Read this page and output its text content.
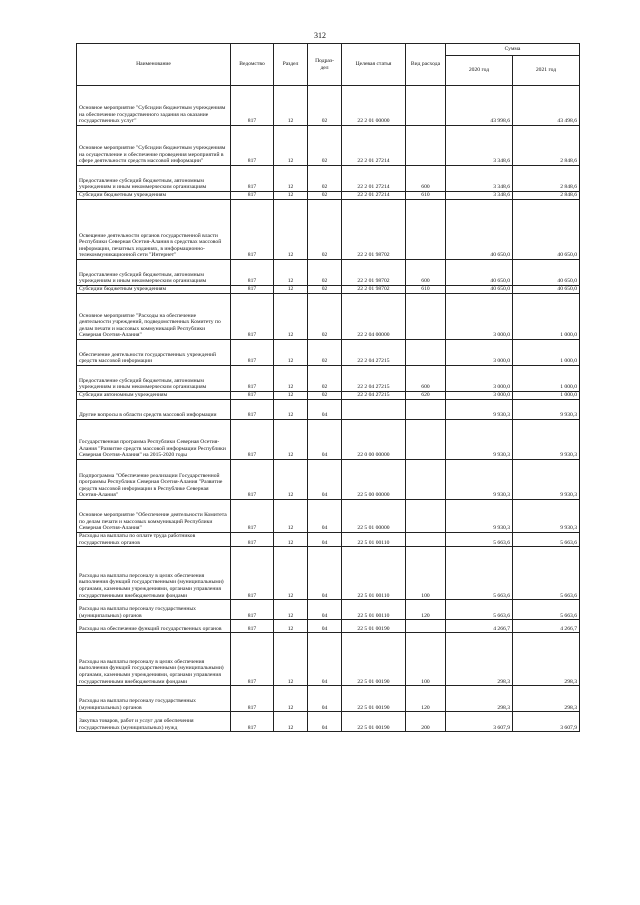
312
Наименование	Ведомство	Раздел	Подраз-
дел	Целевая статья	Вид расхода	Сумма	
						2020 год	2021 год
Основное мероприятие "Субсидии бюджетным учреждениям на обеспечение государственного задания на оказание государственных услуг"	817	12	02	22 2 01 00000		43 998,6	43 498,6
Основное мероприятие "Субсидии бюджетным учреждениям на осуществление и обеспечение проведения мероприятий в сфере деятельности средств массовой информации"	817	12	02	22 2 01 27214		3 348,6	2 848,6
Предоставление субсидий бюджетным, автономным учреждениям и иным некоммерческим организациям	817	12	02	22 2 01 27214	600	3 348,6	2 848,6
Субсидии бюджетным учреждениям	817	12	02	22 2 01 27214	610	3 348,6	2 848,6
Освещение деятельности органов государственной власти Республики Северная Осетия-Алания в средствах массовой информации, печатных изданиях, в информационно-телекоммуникационной сети "Интернет"	817	12	02	22 2 01 98702		40 650,0	40 650,0
Предоставление субсидий бюджетным, автономным учреждениям и иным некоммерческим организациям	817	12	02	22 2 01 98702	600	40 650,0	40 650,0
Субсидии бюджетным учреждениям	817	12	02	22 2 01 98702	610	40 650,0	40 650,0
Основное мероприятие "Расходы на обеспечение деятельности учреждений, подведомственных Комитету по делам печати и массовых коммуникаций Республики Северная Осетия-Алания"	817	12	02	22 2 04 00000		3 000,0	1 000,0
Обеспечение деятельности государственных учреждений средств массовой информации	817	12	02	22 2 04 27215		3 000,0	1 000,0
Предоставление субсидий бюджетным, автономным учреждениям и иным некоммерческим организациям	817	12	02	22 2 04 27215	600	3 000,0	1 000,0
Субсидии автономным учреждениям	817	12	02	22 2 04 27215	620	3 000,0	1 000,0
Другие вопросы в области средств массовой информации	817	12	04			9 930,3	9 930,3
Государственная программа Республики Северная Осетия-Алания "Развитие средств массовой информации Республики Северная Осетия-Алания" на 2015-2020 годы	817	12	04	22 0 00 00000		9 930,3	9 930,3
Подпрограмма "Обеспечение реализации Государственной программы Республики Северная Осетия-Алания "Развитие средств массовой информации в Республике Северная Осетия-Алания"	817	12	04	22 5 00 00000		9 930,3	9 930,3
Основное мероприятие "Обеспечение деятельности Комитета по делам печати и массовых коммуникаций Республики Северная Осетия-Алания"	817	12	04	22 5 01 00000		9 930,3	9 930,3
Расходы на выплаты по оплате труда работников государственных органов	817	12	04	22 5 01 00110		5 663,6	5 663,6
Расходы на выплаты персоналу в целях обеспечения выполнения функций государственными (муниципальными) органами, казенными учреждениями, органами управления государственными внебюджетными фондами	817	12	04	22 5 01 00110	100	5 663,6	5 663,6
Расходы на выплаты персоналу государственных (муниципальных) органов	817	12	04	22 5 01 00110	120	5 663,6	5 663,6
Расходы на обеспечение функций государственных органов	817	12	04	22 5 01 00190		4 266,7	4 266,7
Расходы на выплаты персоналу в целях обеспечения выполнения функций государственными (муниципальными) органами, казенными учреждениями, органами управления государственными внебюджетными фондами	817	12	04	22 5 01 00190	100	298,3	298,3
Расходы на выплаты персоналу государственных (муниципальных) органов	817	12	04	22 5 01 00190	120	298,3	298,3
Закупка товаров, работ и услуг для обеспечения государственных (муниципальных) нужд	817	12	04	22 5 01 00190	200	3 607,9	3 607,9
